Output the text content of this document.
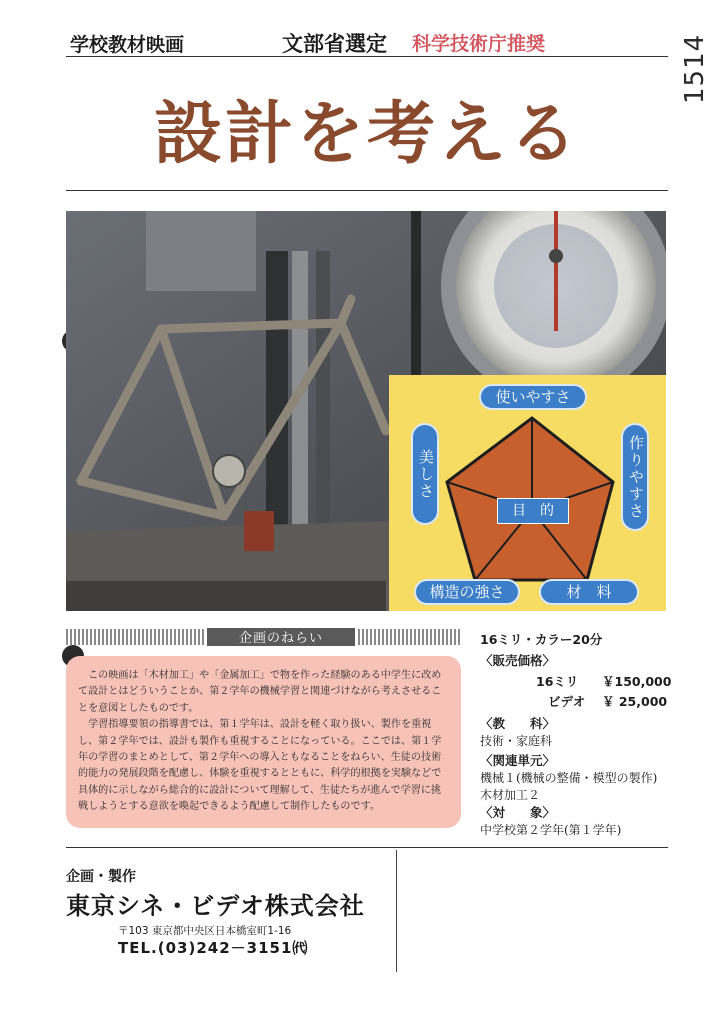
1514
学校教材映画	文部省選定 科学技術庁推奨
設計を考える
使いやすさ
美しさ	作りやすさ
構造の強さ	材　料
目　的
企画のねらい

この映画は「木材加工」や「金属加工」で物を作った経験のある中学生に改めて設計とはどういうことか、第２学年の機械学習と関連づけながら考えさせることを意図としたものです。

学習指導要領の指導書では、第１学年は、設計を軽く取り扱い、製作を重視し、第２学年では、設計も製作も重視することになっている。ここでは、第１学年の学習のまとめとして、第２学年への導入ともなることをねらい、生徒の技術的能力の発展段階を配慮し、体験を重視するとともに、科学的根拠を実験などで具体的に示しながら総合的に設計について理解して、生徒たちが進んで学習に挑戦しようとする意欲を喚起できるよう配慮して制作したものです。

16ミリ・カラー20分
〈販売価格〉
16ミリ ￥150,000
ビデオ ￥ 25,000
〈教　　科〉
技術・家庭科
〈関連単元〉
機械１(機械の整備・模型の製作)
木材加工２
〈対　　象〉
中学校第２学年(第１学年)
企画・製作
東京シネ・ビデオ株式会社
〒103 東京都中央区日本橋室町1-16
TEL.(03)242－3151㈹
